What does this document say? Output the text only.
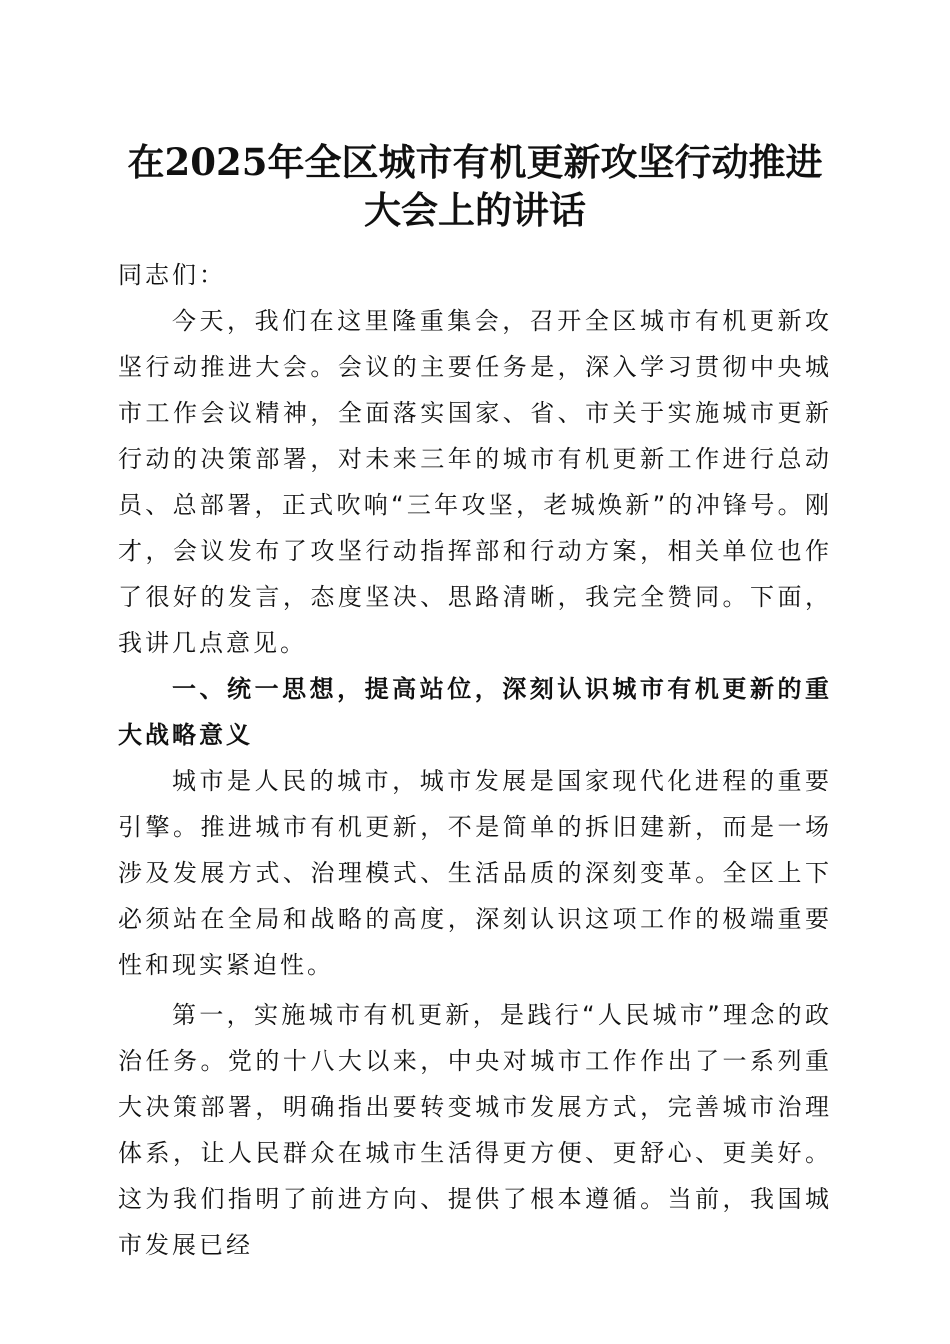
在2025年全区城市有机更新攻坚行动推进大会上的讲话

同志们：

今天，我们在这里隆重集会，召开全区城市有机更新攻坚行动推进大会。会议的主要任务是，深入学习贯彻中央城市工作会议精神，全面落实国家、省、市关于实施城市更新行动的决策部署，对未来三年的城市有机更新工作进行总动员、总部署，正式吹响“三年攻坚，老城焕新”的冲锋号。刚才，会议发布了攻坚行动指挥部和行动方案，相关单位也作了很好的发言，态度坚决、思路清晰，我完全赞同。下面，我讲几点意见。

一、统一思想，提高站位，深刻认识城市有机更新的重大战略意义

城市是人民的城市，城市发展是国家现代化进程的重要引擎。推进城市有机更新，不是简单的拆旧建新，而是一场涉及发展方式、治理模式、生活品质的深刻变革。全区上下必须站在全局和战略的高度，深刻认识这项工作的极端重要性和现实紧迫性。

第一，实施城市有机更新，是践行“人民城市”理念的政治任务。党的十八大以来，中央对城市工作作出了一系列重大决策部署，明确指出要转变城市发展方式，完善城市治理体系，让人民群众在城市生活得更方便、更舒心、更美好。这为我们指明了前进方向、提供了根本遵循。当前，我国城市发展已经
